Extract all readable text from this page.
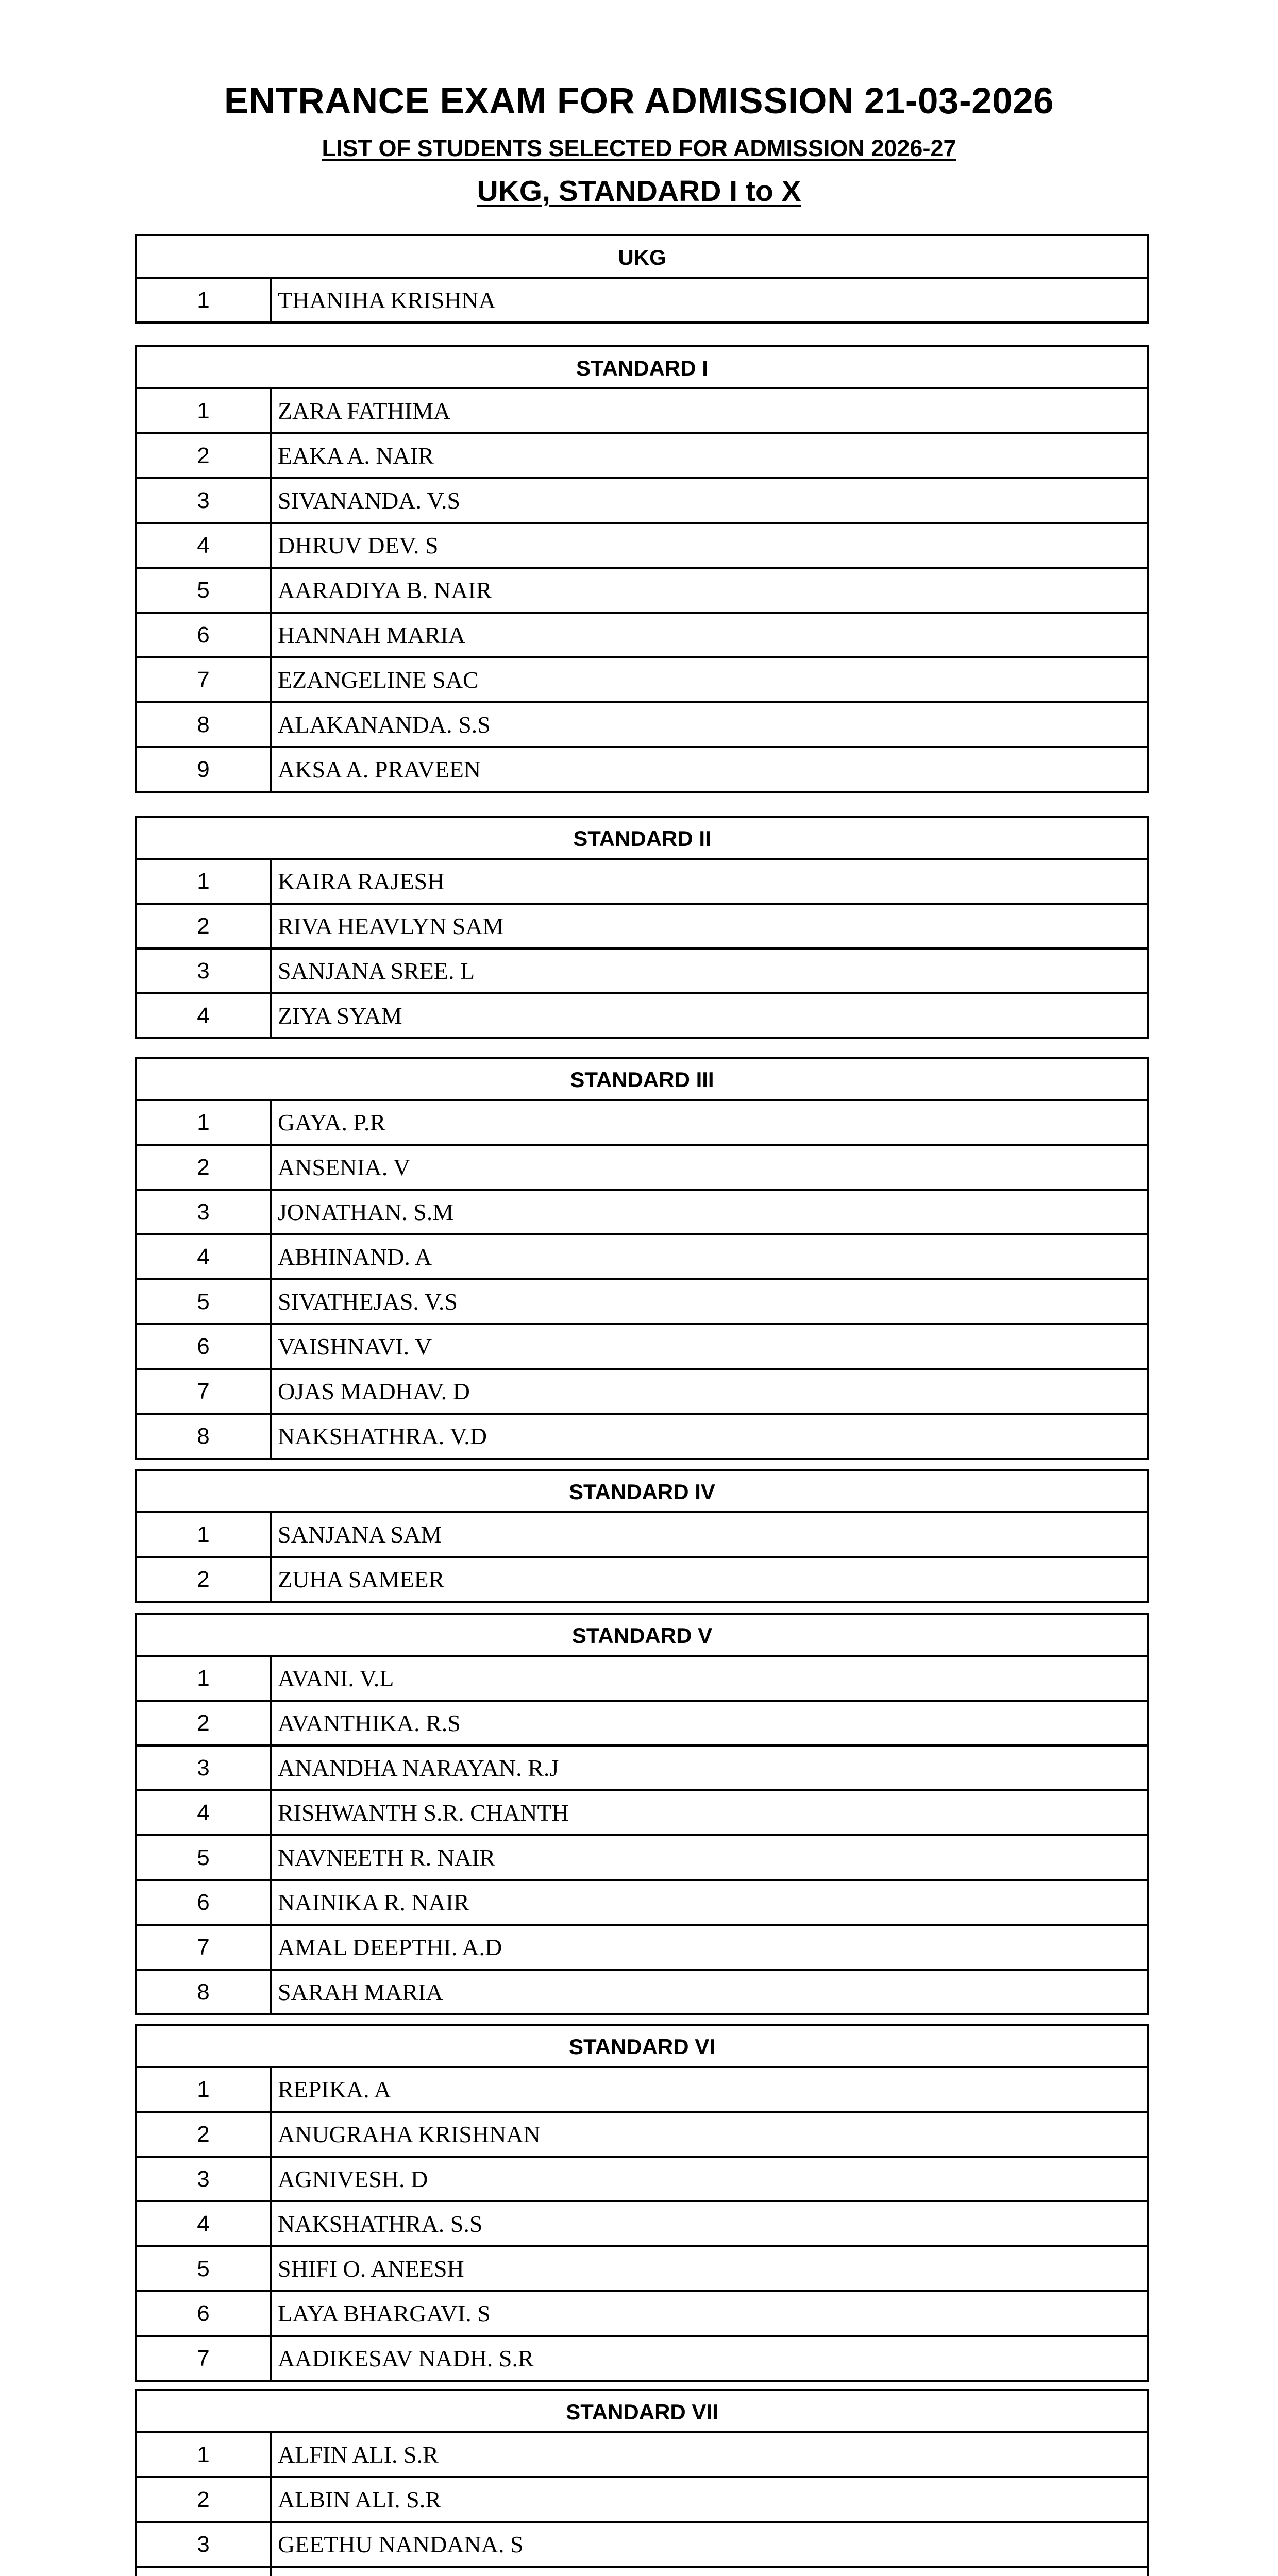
ENTRANCE EXAM FOR ADMISSION 21-03-2026
LIST OF STUDENTS SELECTED FOR ADMISSION 2026-27
UKG, STANDARD I to X
UKG
1	THANIHA KRISHNA
STANDARD I
1	ZARA FATHIMA
2	EAKA A. NAIR
3	SIVANANDA. V.S
4	DHRUV DEV. S
5	AARADIYA B. NAIR
6	HANNAH MARIA
7	EZANGELINE SAC
8	ALAKANANDA. S.S
9	AKSA A. PRAVEEN
STANDARD II
1	KAIRA RAJESH
2	RIVA HEAVLYN SAM
3	SANJANA SREE. L
4	ZIYA SYAM
STANDARD III
1	GAYA. P.R
2	ANSENIA. V
3	JONATHAN. S.M
4	ABHINAND. A
5	SIVATHEJAS. V.S
6	VAISHNAVI. V
7	OJAS MADHAV. D
8	NAKSHATHRA. V.D
STANDARD IV
1	SANJANA SAM
2	ZUHA SAMEER
STANDARD V
1	AVANI. V.L
2	AVANTHIKA. R.S
3	ANANDHA NARAYAN. R.J
4	RISHWANTH S.R. CHANTH
5	NAVNEETH R. NAIR
6	NAINIKA R. NAIR
7	AMAL DEEPTHI. A.D
8	SARAH MARIA
STANDARD VI
1	REPIKA. A
2	ANUGRAHA KRISHNAN
3	AGNIVESH. D
4	NAKSHATHRA. S.S
5	SHIFI O. ANEESH
6	LAYA BHARGAVI. S
7	AADIKESAV NADH. S.R
STANDARD VII
1	ALFIN ALI. S.R
2	ALBIN ALI. S.R
3	GEETHU NANDANA. S
